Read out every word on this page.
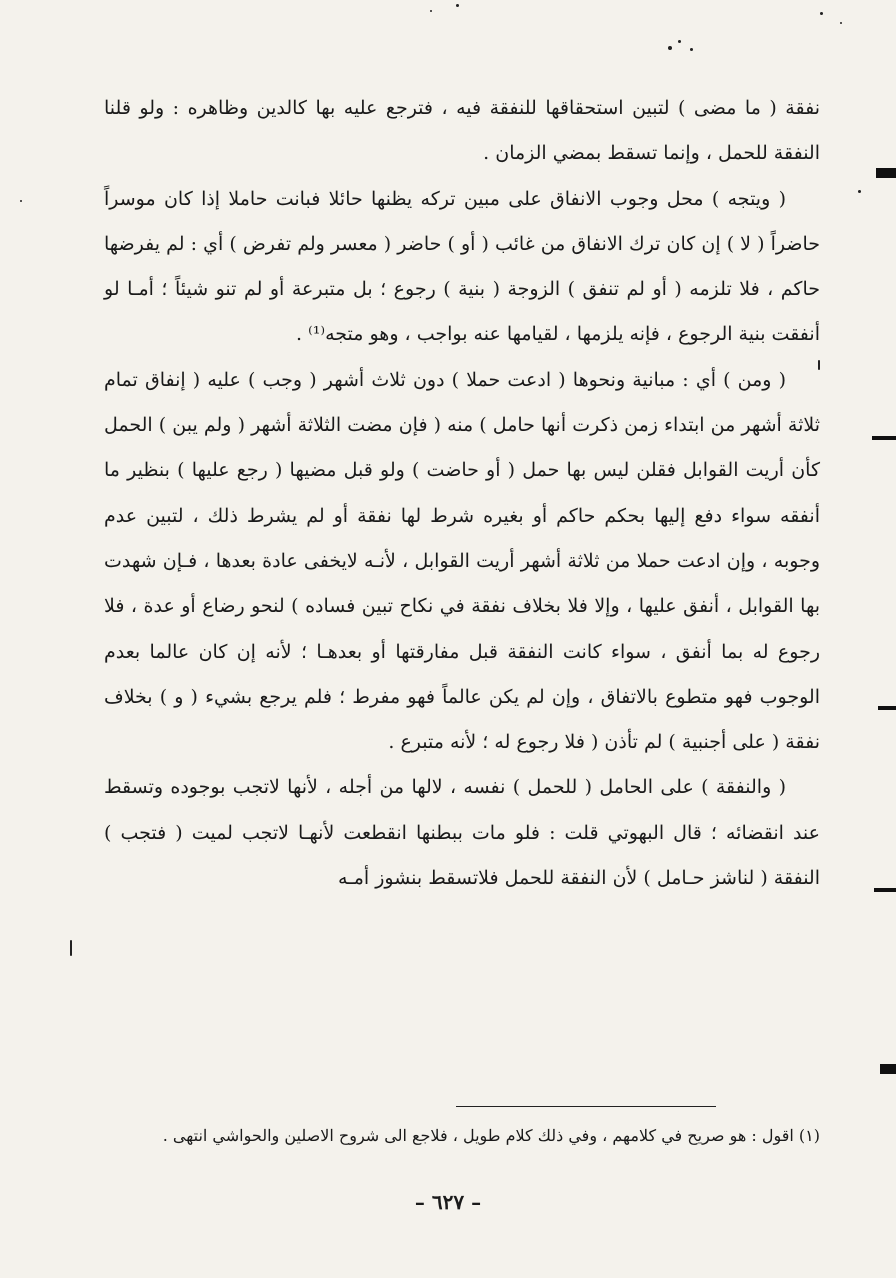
نفقة ( ما مضى ) لتبين استحقاقها للنفقة فيه ، فترجع عليه بها كالدين وظاهره : ولو قلنا النفقة للحمل ، وإنما تسقط بمضي الزمان .

( ويتجه ) محل وجوب الانفاق على مبين تركه يظنها حائلا فبانت حاملا إذا كان موسراً حاضراً ( لا ) إن كان ترك الانفاق من غائب ( أو ) حاضر ( معسر ولم تفرض ) أي : لم يفرضها حاكم ، فلا تلزمه ( أو لم تنفق ) الزوجة ( بنية ) رجوع ؛ بل متبرعة أو لم تنو شيئاً ؛ أمـا لو أنفقت بنية الرجوع ، فإنه يلزمها ، لقيامها عنه بواجب ، وهو متجه⁽¹⁾ .

( ومن ) أي : مبانية ونحوها ( ادعت حملا ) دون ثلاث أشهر ( وجب ) عليه ( إنفاق تمام ثلاثة أشهر من ابتداء زمن ذكرت أنها حامل ) منه ( فإن مضت الثلاثة أشهر ( ولم يبن ) الحمل كأن أريت القوابل فقلن ليس بها حمل ( أو حاضت ) ولو قبل مضيها ( رجع عليها ) بنظير ما أنفقه سواء دفع إليها بحكم حاكم أو بغيره شرط لها نفقة أو لم يشرط ذلك ، لتبين عدم وجوبه ، وإن ادعت حملا من ثلاثة أشهر أريت القوابل ، لأنـه لايخفى عادة بعدها ، فـإن شهدت بها القوابل ، أنفق عليها ، وإلا فلا بخلاف نفقة في نكاح تبين فساده ) لنحو رضاع أو عدة ، فلا رجوع له بما أنفق ، سواء كانت النفقة قبل مفارقتها أو بعدهـا ؛ لأنه إن كان عالما بعدم الوجوب فهو متطوع بالاتفاق ، وإن لم يكن عالماً فهو مفرط ؛ فلم يرجع بشيء ( و ) بخلاف نفقة ( على أجنبية ) لم تأذن ( فلا رجوع له ؛ لأنه متبرع .

( والنفقة ) على الحامل ( للحمل ) نفسه ، لالها من أجله ، لأنها لاتجب بوجوده وتسقط عند انقضائه ؛ قال البهوتي قلت : فلو مات ببطنها انقطعت لأنهـا لاتجب لميت ( فتجب ) النفقة ( لناشز حـامل ) لأن النفقة للحمل فلاتسقط بنشوز أمـه

(١) اقول : هو صريح في كلامهم ، وفي ذلك كلام طويل ، فلاجع الى شروح الاصلين والحواشي انتهى .
– ٦٢٧ –
